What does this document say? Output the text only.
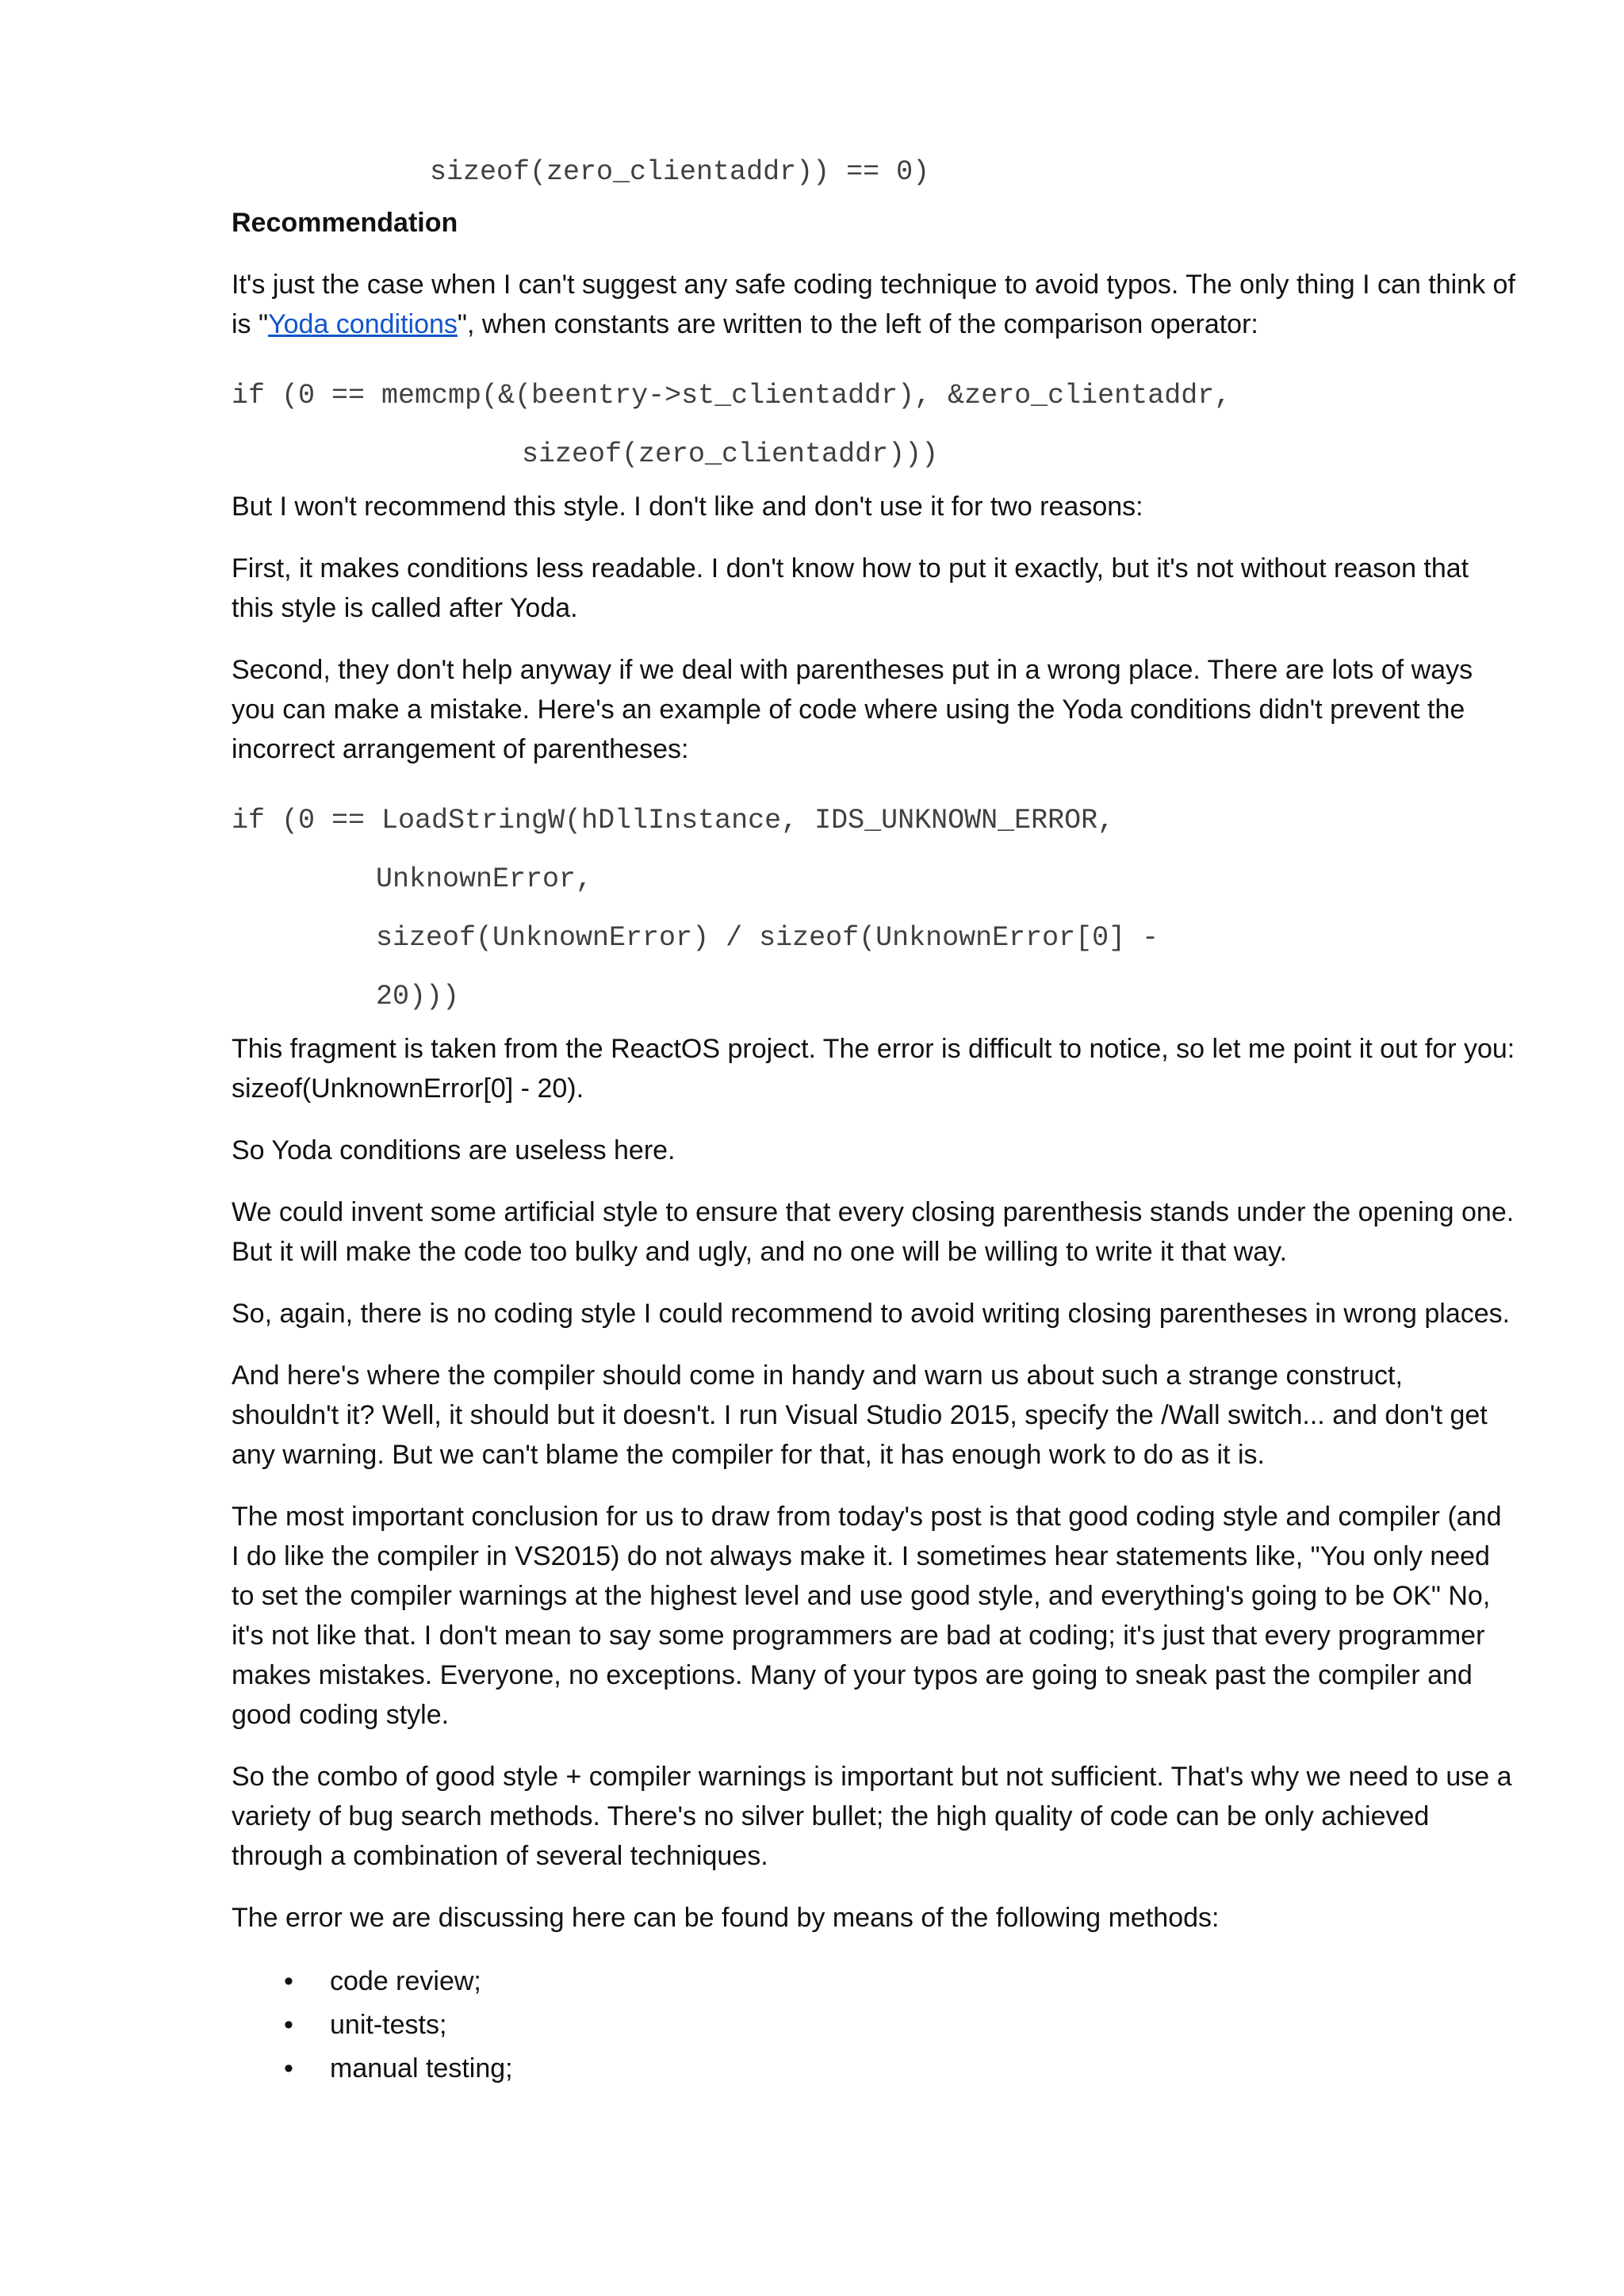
sizeof(zero_clientaddr)) == 0)
Recommendation
It's just the case when I can't suggest any safe coding technique to avoid typos. The only thing I can think of is "Yoda conditions", when constants are written to the left of the comparison operator:
if (0 == memcmp(&(beentry->st_clientaddr), &zero_clientaddr,
sizeof(zero_clientaddr)))
But I won't recommend this style. I don't like and don't use it for two reasons:
First, it makes conditions less readable. I don't know how to put it exactly, but it's not without reason that this style is called after Yoda.
Second, they don't help anyway if we deal with parentheses put in a wrong place. There are lots of ways you can make a mistake. Here's an example of code where using the Yoda conditions didn't prevent the incorrect arrangement of parentheses:
if (0 == LoadStringW(hDllInstance, IDS_UNKNOWN_ERROR,
UnknownError,
sizeof(UnknownError) / sizeof(UnknownError[0] -
20)))
This fragment is taken from the ReactOS project. The error is difficult to notice, so let me point it out for you: sizeof(UnknownError[0] - 20).
So Yoda conditions are useless here.
We could invent some artificial style to ensure that every closing parenthesis stands under the opening one. But it will make the code too bulky and ugly, and no one will be willing to write it that way.
So, again, there is no coding style I could recommend to avoid writing closing parentheses in wrong places.
And here's where the compiler should come in handy and warn us about such a strange construct, shouldn't it? Well, it should but it doesn't. I run Visual Studio 2015, specify the /Wall switch... and don't get any warning. But we can't blame the compiler for that, it has enough work to do as it is.
The most important conclusion for us to draw from today's post is that good coding style and compiler (and I do like the compiler in VS2015) do not always make it. I sometimes hear statements like, "You only need to set the compiler warnings at the highest level and use good style, and everything's going to be OK" No, it's not like that. I don't mean to say some programmers are bad at coding; it's just that every programmer makes mistakes. Everyone, no exceptions. Many of your typos are going to sneak past the compiler and good coding style.
So the combo of good style + compiler warnings is important but not sufficient. That's why we need to use a variety of bug search methods. There's no silver bullet; the high quality of code can be only achieved through a combination of several techniques.
The error we are discussing here can be found by means of the following methods:
• code review;
• unit-tests;
• manual testing;
